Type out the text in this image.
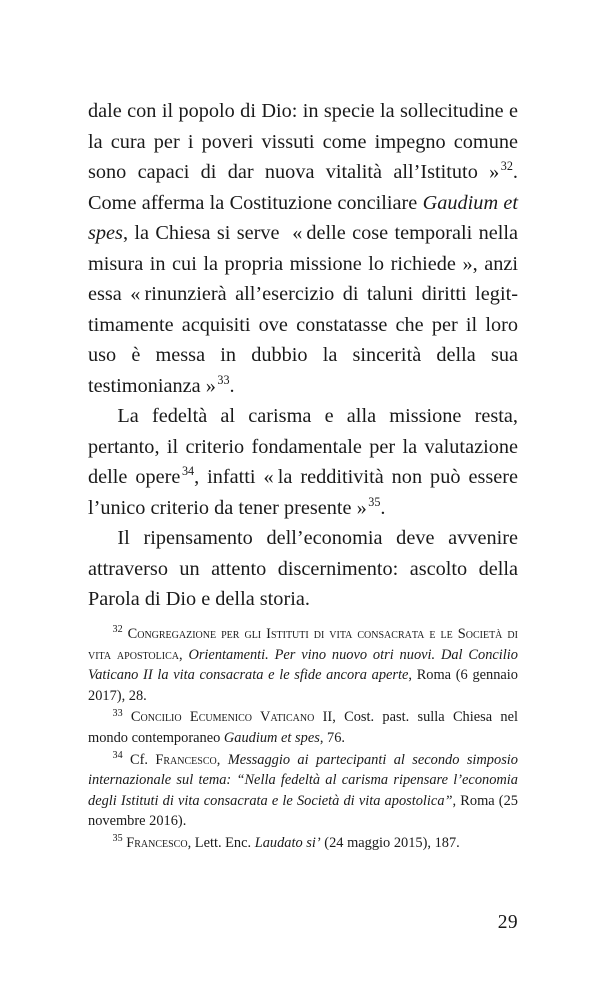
dale con il popolo di Dio: in specie la sollecitudine e la cura per i poveri vissuti come impegno comune sono capaci di dar nuova vitalità all’Istituto » $^{32}$. Come afferma la Costituzione conciliare Gaudium et spes, la Chiesa si serve  « delle cose temporali nella misura in cui la propria missione lo richiede », anzi essa « rinunzierà all’esercizio di taluni diritti legittimamente acquisiti ove constatasse che per il loro uso è messa in dubbio la sincerità della sua testimonianza » $^{33}$.

La fedeltà al carisma e alla missione resta, pertanto, il criterio fondamentale per la valutazione delle opere $^{34}$, infatti « la redditività non può essere l’unico criterio da tener presente » $^{35}$.

Il ripensamento dell’economia deve avvenire attraverso un attento discernimento: ascolto della Parola di Dio e della storia.

$^{32}$ Congregazione per gli Istituti di vita consacrata e le Società di vita apostolica, Orientamenti. Per vino nuovo otri nuovi. Dal Concilio Vaticano II la vita consacrata e le sfide ancora aperte, Roma (6 gennaio 2017), 28.

$^{33}$ Concilio Ecumenico Vaticano II, Cost. past. sulla Chiesa nel mondo contemporaneo Gaudium et spes, 76.

$^{34}$ Cf. Francesco, Messaggio ai partecipanti al secondo simposio internazionale sul tema: “Nella fedeltà al carisma ripensare l’economia degli Istituti di vita consacrata e le Società di vita apostolica”, Roma (25 novembre 2016).

$^{35}$ Francesco, Lett. Enc. Laudato si’ (24 maggio 2015), 187.

29
